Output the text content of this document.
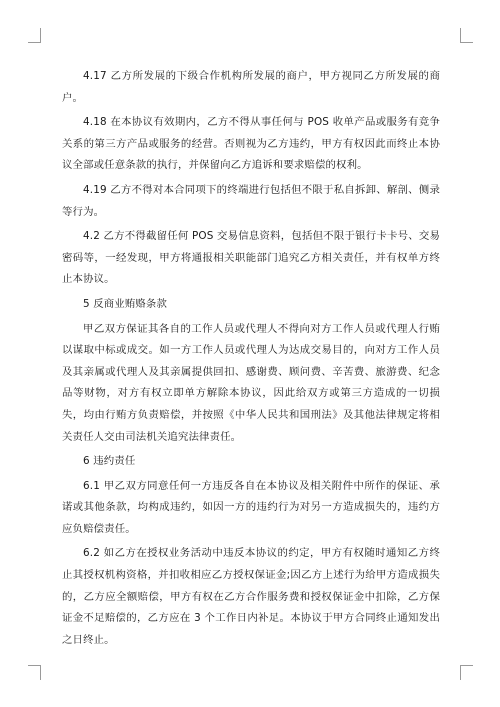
4.17 乙方所发展的下级合作机构所发展的商户，甲方视同乙方所发展的商户。

4.18 在本协议有效期内，乙方不得从事任何与 POS 收单产品或服务有竞争关系的第三方产品或服务的经营。否则视为乙方违约，甲方有权因此而终止本协议全部或任意条款的执行，并保留向乙方追诉和要求赔偿的权利。

4.19 乙方不得对本合同项下的终端进行包括但不限于私自拆卸、解剖、侧录等行为。

4.2 乙方不得截留任何 POS 交易信息资料，包括但不限于银行卡卡号、交易密码等，一经发现，甲方将通报相关职能部门追究乙方相关责任，并有权单方终止本协议。

5 反商业贿赂条款

甲乙双方保证其各自的工作人员或代理人不得向对方工作人员或代理人行贿以谋取中标或成交。如一方工作人员或代理人为达成交易目的，向对方工作人员及其亲属或代理人及其亲属提供回扣、感谢费、顾问费、辛苦费、旅游费、纪念品等财物，对方有权立即单方解除本协议，因此给双方或第三方造成的一切损失，均由行贿方负责赔偿，并按照《中华人民共和国刑法》及其他法律规定将相关责任人交由司法机关追究法律责任。

6 违约责任

6.1 甲乙双方同意任何一方违反各自在本协议及相关附件中所作的保证、承诺或其他条款，均构成违约，如因一方的违约行为对另一方造成损失的，违约方应负赔偿责任。

6.2 如乙方在授权业务活动中违反本协议的约定，甲方有权随时通知乙方终止其授权机构资格，并扣收相应乙方授权保证金;因乙方上述行为给甲方造成损失的，乙方应全额赔偿，甲方有权在乙方合作服务费和授权保证金中扣除，乙方保证金不足赔偿的，乙方应在 3 个工作日内补足。本协议于甲方合同终止通知发出之日终止。
